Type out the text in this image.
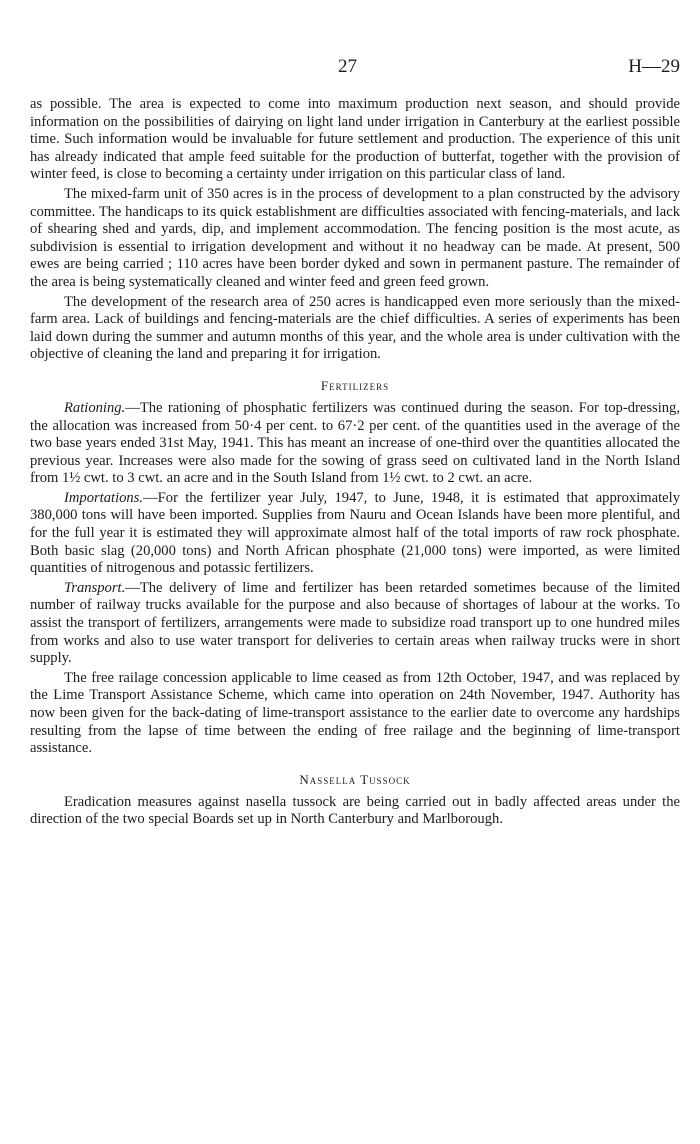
27	H—29

as possible. The area is expected to come into maximum production next season, and should provide information on the possibilities of dairying on light land under irrigation in Canterbury at the earliest possible time. Such information would be invaluable for future settlement and production. The experience of this unit has already indicated that ample feed suitable for the production of butterfat, together with the provision of winter feed, is close to becoming a certainty under irrigation on this particular class of land.

The mixed-farm unit of 350 acres is in the process of development to a plan constructed by the advisory committee. The handicaps to its quick establishment are difficulties associated with fencing-materials, and lack of shearing shed and yards, dip, and implement accommodation. The fencing position is the most acute, as subdivision is essential to irrigation development and without it no headway can be made. At present, 500 ewes are being carried ; 110 acres have been border dyked and sown in permanent pasture. The remainder of the area is being systematically cleaned and winter feed and green feed grown.

The development of the research area of 250 acres is handicapped even more seriously than the mixed-farm area. Lack of buildings and fencing-materials are the chief difficulties. A series of experiments has been laid down during the summer and autumn months of this year, and the whole area is under cultivation with the objective of cleaning the land and preparing it for irrigation.

Fertilizers

Rationing.—The rationing of phosphatic fertilizers was continued during the season. For top-dressing, the allocation was increased from 50·4 per cent. to 67·2 per cent. of the quantities used in the average of the two base years ended 31st May, 1941. This has meant an increase of one-third over the quantities allocated the previous year. Increases were also made for the sowing of grass seed on cultivated land in the North Island from 1½ cwt. to 3 cwt. an acre and in the South Island from 1½ cwt. to 2 cwt. an acre.

Importations.—For the fertilizer year July, 1947, to June, 1948, it is estimated that approximately 380,000 tons will have been imported. Supplies from Nauru and Ocean Islands have been more plentiful, and for the full year it is estimated they will approximate almost half of the total imports of raw rock phosphate. Both basic slag (20,000 tons) and North African phosphate (21,000 tons) were imported, as were limited quantities of nitrogenous and potassic fertilizers.

Transport.—The delivery of lime and fertilizer has been retarded sometimes because of the limited number of railway trucks available for the purpose and also because of shortages of labour at the works. To assist the transport of fertilizers, arrangements were made to subsidize road transport up to one hundred miles from works and also to use water transport for deliveries to certain areas when railway trucks were in short supply.

The free railage concession applicable to lime ceased as from 12th October, 1947, and was replaced by the Lime Transport Assistance Scheme, which came into operation on 24th November, 1947. Authority has now been given for the back-dating of lime-transport assistance to the earlier date to overcome any hardships resulting from the lapse of time between the ending of free railage and the beginning of lime-transport assistance.

Nassella Tussock

Eradication measures against nasella tussock are being carried out in badly affected areas under the direction of the two special Boards set up in North Canterbury and Marlborough.
